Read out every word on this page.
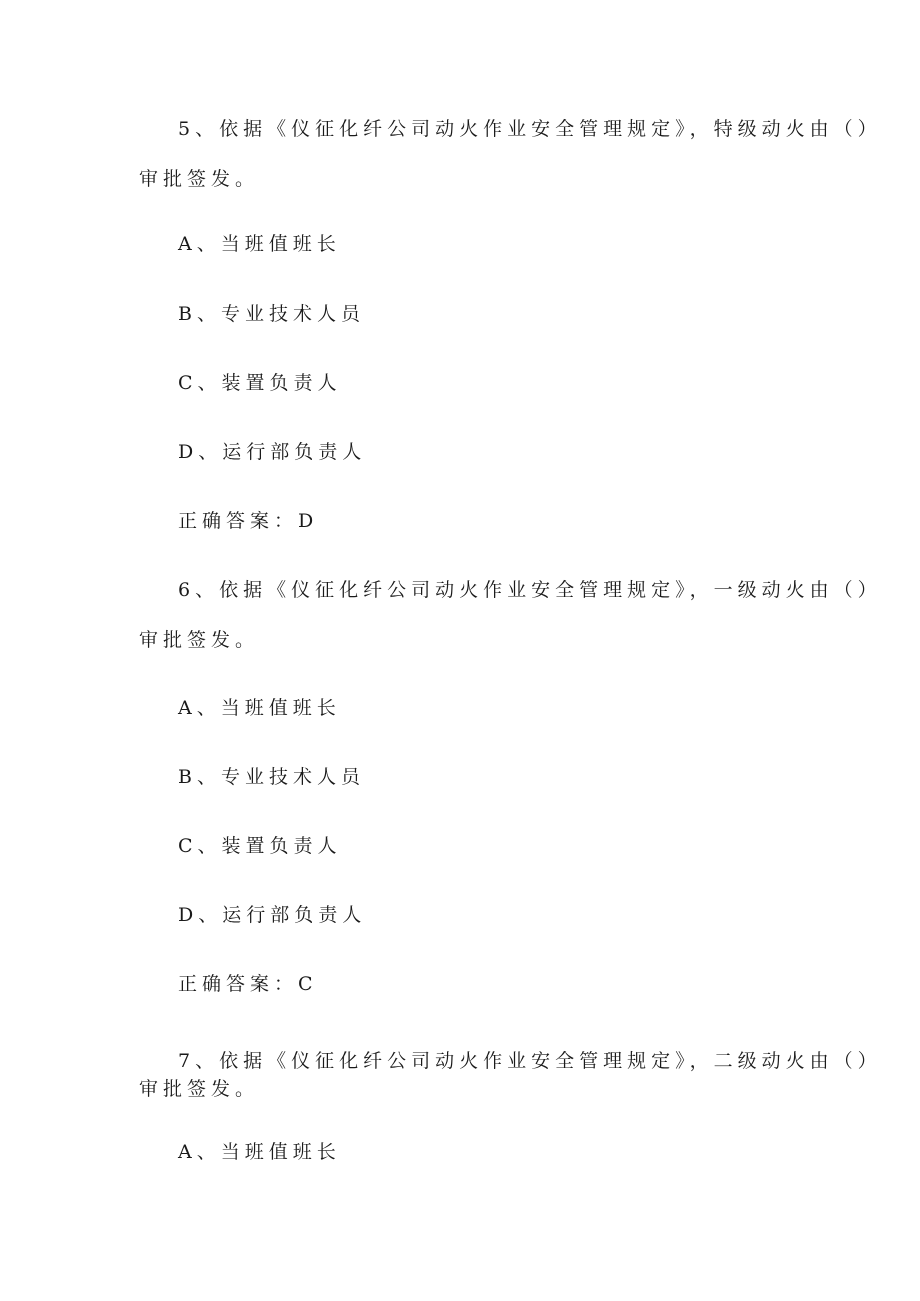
5、依据《仪征化纤公司动火作业安全管理规定》，特级动火由（）
审批签发。
A、当班值班长
B、专业技术人员
C、装置负责人
D、运行部负责人
正确答案：D
6、依据《仪征化纤公司动火作业安全管理规定》，一级动火由（）
审批签发。
A、当班值班长
B、专业技术人员
C、装置负责人
D、运行部负责人
正确答案：C
7、依据《仪征化纤公司动火作业安全管理规定》，二级动火由（）
审批签发。
A、当班值班长
